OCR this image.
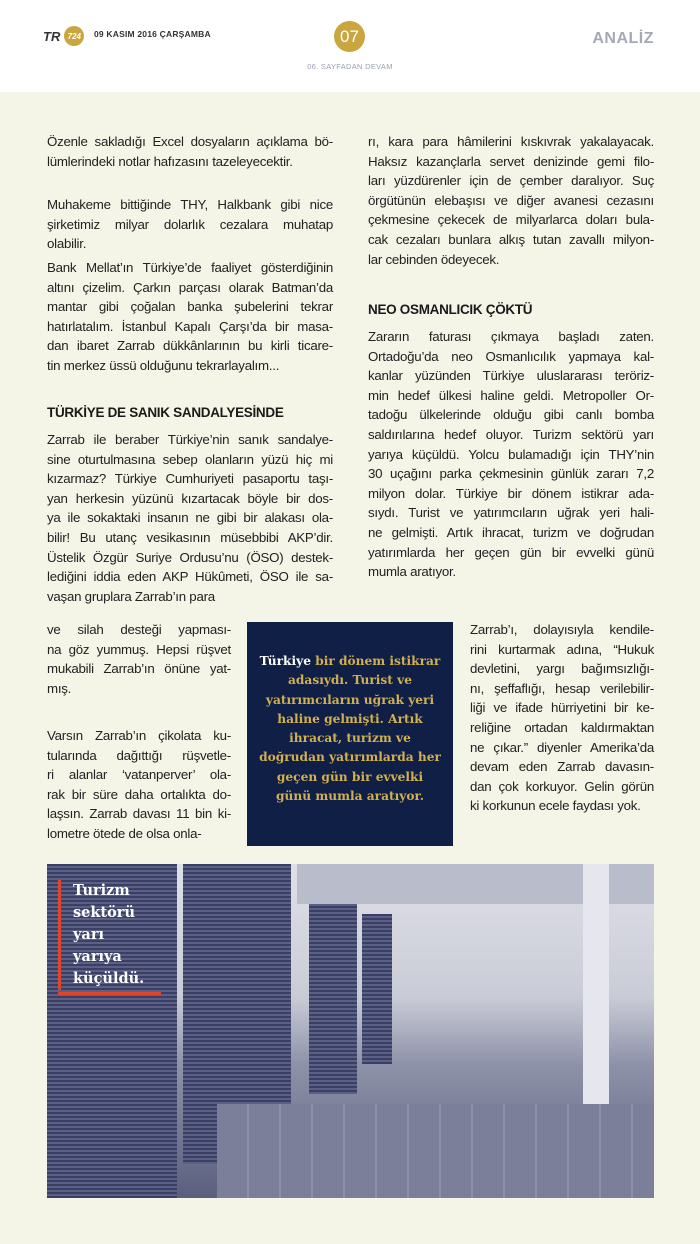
TR 724	09 KASIM 2016 ÇARŞAMBA	07
06. SAYFADAN DEVAM
ANALİZ
Özenle sakladığı Excel dosyaların açıklama bö-
lümlerindeki notlar hafızasını tazeleyecektir.
Muhakeme bittiğinde THY, Halkbank gibi nice
şirketimiz milyar dolarlık cezalara muhatap
olabilir.
Bank Mellat’ın Türkiye’de faaliyet gösterdiğinin
altını çizelim. Çarkın parçası olarak Batman’da
mantar gibi çoğalan banka şubelerini tekrar
hatırlatalım. İstanbul Kapalı Çarşı’da bir masa-
dan ibaret Zarrab dükkânlarının bu kirli ticare-
tin merkez üssü olduğunu tekrarlayalım...
TÜRKİYE DE SANIK SANDALYESİNDE
Zarrab ile beraber Türkiye’nin sanık sandalye-
sine oturtulmasına sebep olanların yüzü hiç mi
kızarmaz? Türkiye Cumhuriyeti pasaportu taşı-
yan herkesin yüzünü kızartacak böyle bir dos-
ya ile sokaktaki insanın ne gibi bir alakası ola-
bilir! Bu utanç vesikasının müsebbibi AKP’dir.
Üstelik Özgür Suriye Ordusu’nu (ÖSO) destek-
lediğini iddia eden AKP Hükûmeti, ÖSO ile sa-
vaşan gruplara Zarrab’ın para
ve silah desteği yapması-
na göz yummuş. Hepsi rüşvet
mukabili Zarrab’ın önüne yat-
mış.
Varsın Zarrab’ın çikolata ku-
tularında dağıttığı rüşvetle-
ri alanlar ‘vatanperver’ ola-
rak bir süre daha ortalıkta do-
laşsın. Zarrab davası 11 bin ki-
lometre ötede de olsa onla-
rı, kara para hâmilerini kıskıvrak yakalayacak.
Haksız kazançlarla servet denizinde gemi filo-
ları yüzdürenler için de çember daralıyor. Suç
örgütünün elebaşısı ve diğer avanesi cezasını
çekmesine çekecek de milyarlarca doları bula-
cak cezaları bunlara alkış tutan zavallı milyon-
lar cebinden ödeyecek.
NEO OSMANLICIK ÇÖKTÜ
Zararın faturası çıkmaya başladı zaten.
Ortadoğu’da neo Osmanlıcılık yapmaya kal-
kanlar yüzünden Türkiye uluslararası teröriz-
min hedef ülkesi haline geldi. Metropoller Or-
tadoğu ülkelerinde olduğu gibi canlı bomba
saldırılarına hedef oluyor. Turizm sektörü yarı
yarıya küçüldü. Yolcu bulamadığı için THY’nin
30 uçağını parka çekmesinin günlük zararı 7,2
milyon dolar. Türkiye bir dönem istikrar ada-
sıydı. Turist ve yatırımcıların uğrak yeri hali-
ne gelmişti. Artık ihracat, turizm ve doğrudan
yatırımlarda her geçen gün bir evvelki günü
mumla aratıyor.
Zarrab’ı, dolayısıyla kendile-
rini kurtarmak adına, “Hukuk
devletini, yargı bağımsızlığı-
nı, şeffaflığı, hesap verilebilir-
liği ve ifade hürriyetini bir ke-
reliğine ortadan kaldırmaktan
ne çıkar.” diyenler Amerika’da
devam eden Zarrab davasın-
dan çok korkuyor. Gelin görün
ki korkunun ecele faydası yok.
Türkiye bir dönem istikrar adasıydı. Turist ve yatırımcıların uğrak yeri haline gelmişti. Artık ihracat, turizm ve doğrudan yatırımlarda her geçen gün bir evvelki günü mumla aratıyor.
Turizm
sektörü
yarı
yarıya
küçüldü.
